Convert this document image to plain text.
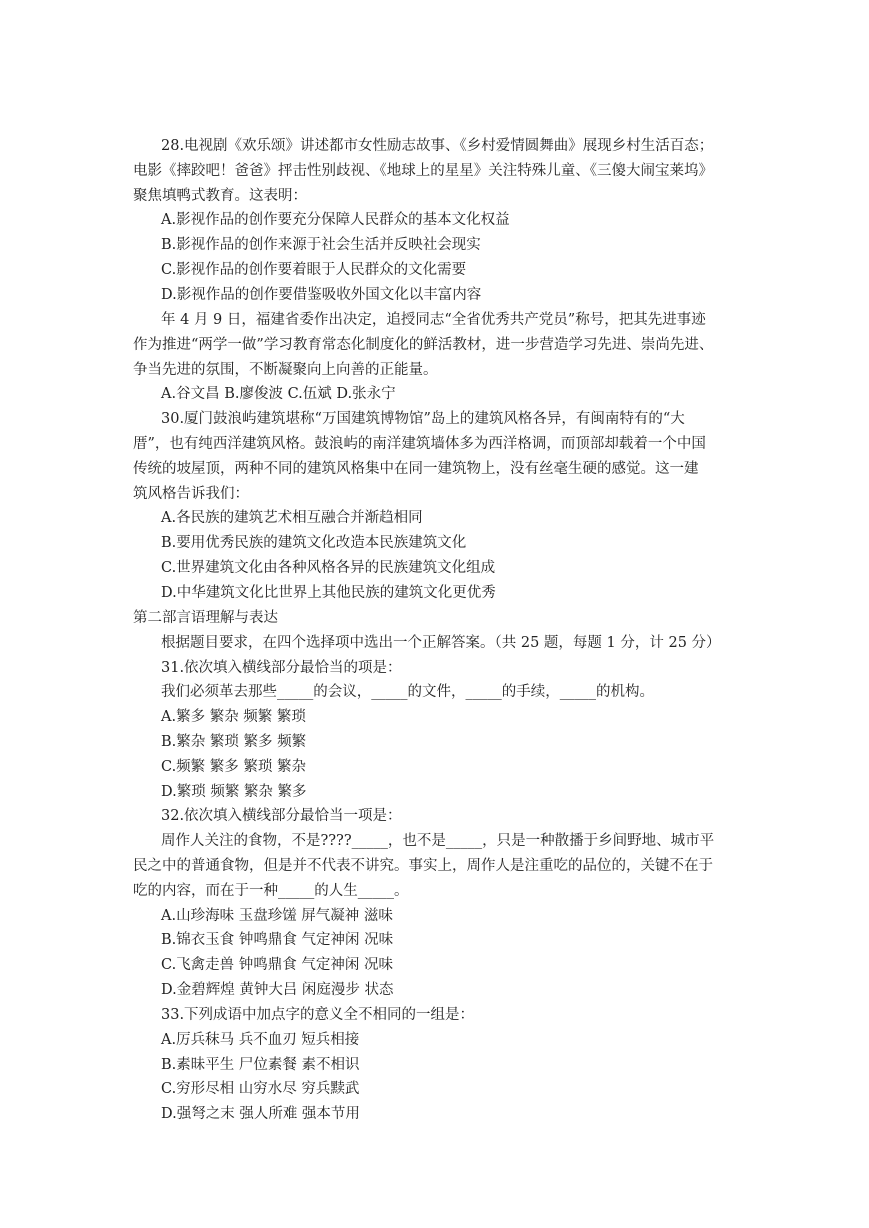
28.电视剧《欢乐颂》讲述都市女性励志故事、《乡村爱情圆舞曲》展现乡村生活百态；
电影《摔跤吧！爸爸》抨击性别歧视、《地球上的星星》关注特殊儿童、《三傻大闹宝莱坞》
聚焦填鸭式教育。这表明：
A.影视作品的创作要充分保障人民群众的基本文化权益
B.影视作品的创作来源于社会生活并反映社会现实
C.影视作品的创作要着眼于人民群众的文化需要
D.影视作品的创作要借鉴吸收外国文化以丰富内容
年 4 月 9 日，福建省委作出决定，追授同志“全省优秀共产党员”称号，把其先进事迹
作为推进“两学一做”学习教育常态化制度化的鲜活教材，进一步营造学习先进、崇尚先进、
争当先进的氛围，不断凝聚向上向善的正能量。
A.谷文昌 B.廖俊波 C.伍斌 D.张永宁
30.厦门鼓浪屿建筑堪称“万国建筑博物馆”岛上的建筑风格各异，有闽南特有的“大
厝”，也有纯西洋建筑风格。鼓浪屿的南洋建筑墙体多为西洋格调，而顶部却载着一个中国
传统的坡屋顶，两种不同的建筑风格集中在同一建筑物上，没有丝毫生硬的感觉。这一建
筑风格告诉我们：
A.各民族的建筑艺术相互融合并渐趋相同
B.要用优秀民族的建筑文化改造本民族建筑文化
C.世界建筑文化由各种风格各异的民族建筑文化组成
D.中华建筑文化比世界上其他民族的建筑文化更优秀
第二部言语理解与表达
根据题目要求，在四个选择项中选出一个正解答案。（共 25 题，每题 1 分，计 25 分）
31.依次填入横线部分最恰当的项是：
我们必须革去那些_____的会议，_____的文件，_____的手续，_____的机构。
A.繁多 繁杂 频繁 繁琐
B.繁杂 繁琐 繁多 频繁
C.频繁 繁多 繁琐 繁杂
D.繁琐 频繁 繁杂 繁多
32.依次填入横线部分最恰当一项是：
周作人关注的食物，不是????_____，也不是_____，只是一种散播于乡间野地、城市平
民之中的普通食物，但是并不代表不讲究。事实上，周作人是注重吃的品位的，关键不在于
吃的内容，而在于一种_____的人生_____。
A.山珍海味 玉盘珍馐 屏气凝神 滋味
B.锦衣玉食 钟鸣鼎食 气定神闲 况味
C.飞禽走兽 钟鸣鼎食 气定神闲 况味
D.金碧辉煌 黄钟大吕 闲庭漫步 状态
33.下列成语中加点字的意义全不相同的一组是：
A.厉兵秣马 兵不血刃 短兵相接
B.素昧平生 尸位素餐 素不相识
C.穷形尽相 山穷水尽 穷兵黩武
D.强弩之末 强人所难 强本节用
